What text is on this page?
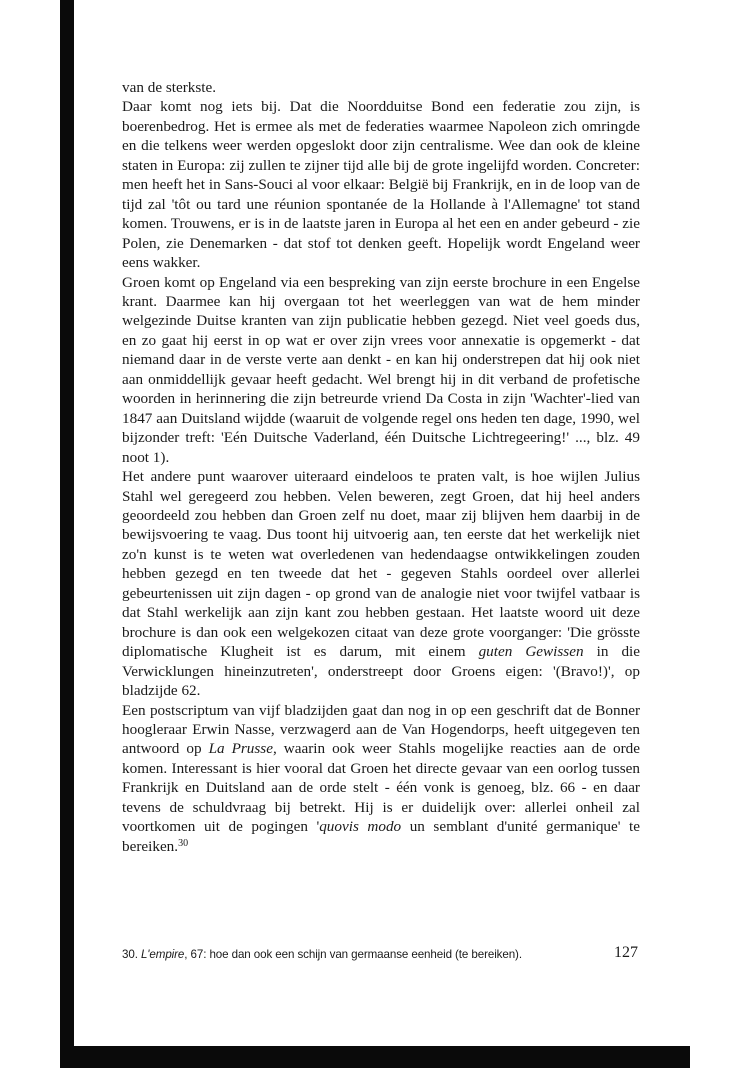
van de sterkste.

Daar komt nog iets bij. Dat die Noordduitse Bond een federatie zou zijn, is boerenbedrog. Het is ermee als met de federaties waarmee Napoleon zich omringde en die telkens weer werden opgeslokt door zijn centralisme. Wee dan ook de kleine staten in Europa: zij zullen te zijner tijd alle bij de grote ingelijfd worden. Concreter: men heeft het in Sans-Souci al voor elkaar: België bij Frankrijk, en in de loop van de tijd zal 'tôt ou tard une réunion spontanée de la Hollande à l'Allemagne' tot stand komen. Trouwens, er is in de laatste jaren in Europa al het een en ander gebeurd - zie Polen, zie Denemarken - dat stof tot denken geeft. Hopelijk wordt Engeland weer eens wakker.

Groen komt op Engeland via een bespreking van zijn eerste brochure in een Engelse krant. Daarmee kan hij overgaan tot het weerleggen van wat de hem minder welgezinde Duitse kranten van zijn publicatie hebben gezegd. Niet veel goeds dus, en zo gaat hij eerst in op wat er over zijn vrees voor annexatie is opgemerkt - dat niemand daar in de verste verte aan denkt - en kan hij onderstrepen dat hij ook niet aan onmiddellijk gevaar heeft gedacht. Wel brengt hij in dit verband de profetische woorden in herinnering die zijn betreurde vriend Da Costa in zijn 'Wachter'-lied van 1847 aan Duitsland wijdde (waaruit de volgende regel ons heden ten dage, 1990, wel bijzonder treft: 'Eén Duitsche Vaderland, één Duitsche Lichtregeering!' ..., blz. 49 noot 1).

Het andere punt waarover uiteraard eindeloos te praten valt, is hoe wijlen Julius Stahl wel geregeerd zou hebben. Velen beweren, zegt Groen, dat hij heel anders geoordeeld zou hebben dan Groen zelf nu doet, maar zij blijven hem daarbij in de bewijsvoering te vaag. Dus toont hij uitvoerig aan, ten eerste dat het werkelijk niet zo'n kunst is te weten wat overledenen van hedendaagse ontwikkelingen zouden hebben gezegd en ten tweede dat het - gegeven Stahls oordeel over allerlei gebeurtenissen uit zijn dagen - op grond van de analogie niet voor twijfel vatbaar is dat Stahl werkelijk aan zijn kant zou hebben gestaan. Het laatste woord uit deze brochure is dan ook een welgekozen citaat van deze grote voorganger: 'Die grösste diplomatische Klugheit ist es darum, mit einem guten Gewissen in die Verwicklungen hineinzutreten', onderstreept door Groens eigen: '(Bravo!)', op bladzijde 62.

Een postscriptum van vijf bladzijden gaat dan nog in op een geschrift dat de Bonner hoogleraar Erwin Nasse, verzwagerd aan de Van Hogendorps, heeft uitgegeven ten antwoord op La Prusse, waarin ook weer Stahls mogelijke reacties aan de orde komen. Interessant is hier vooral dat Groen het directe gevaar van een oorlog tussen Frankrijk en Duitsland aan de orde stelt - één vonk is genoeg, blz. 66 - en daar tevens de schuldvraag bij betrekt. Hij is er duidelijk over: allerlei onheil zal voortkomen uit de pogingen 'quovis modo un semblant d'unité germanique' te bereiken.$^{30}$

30. L'empire, 67: hoe dan ook een schijn van germaanse eenheid (te bereiken).	127
